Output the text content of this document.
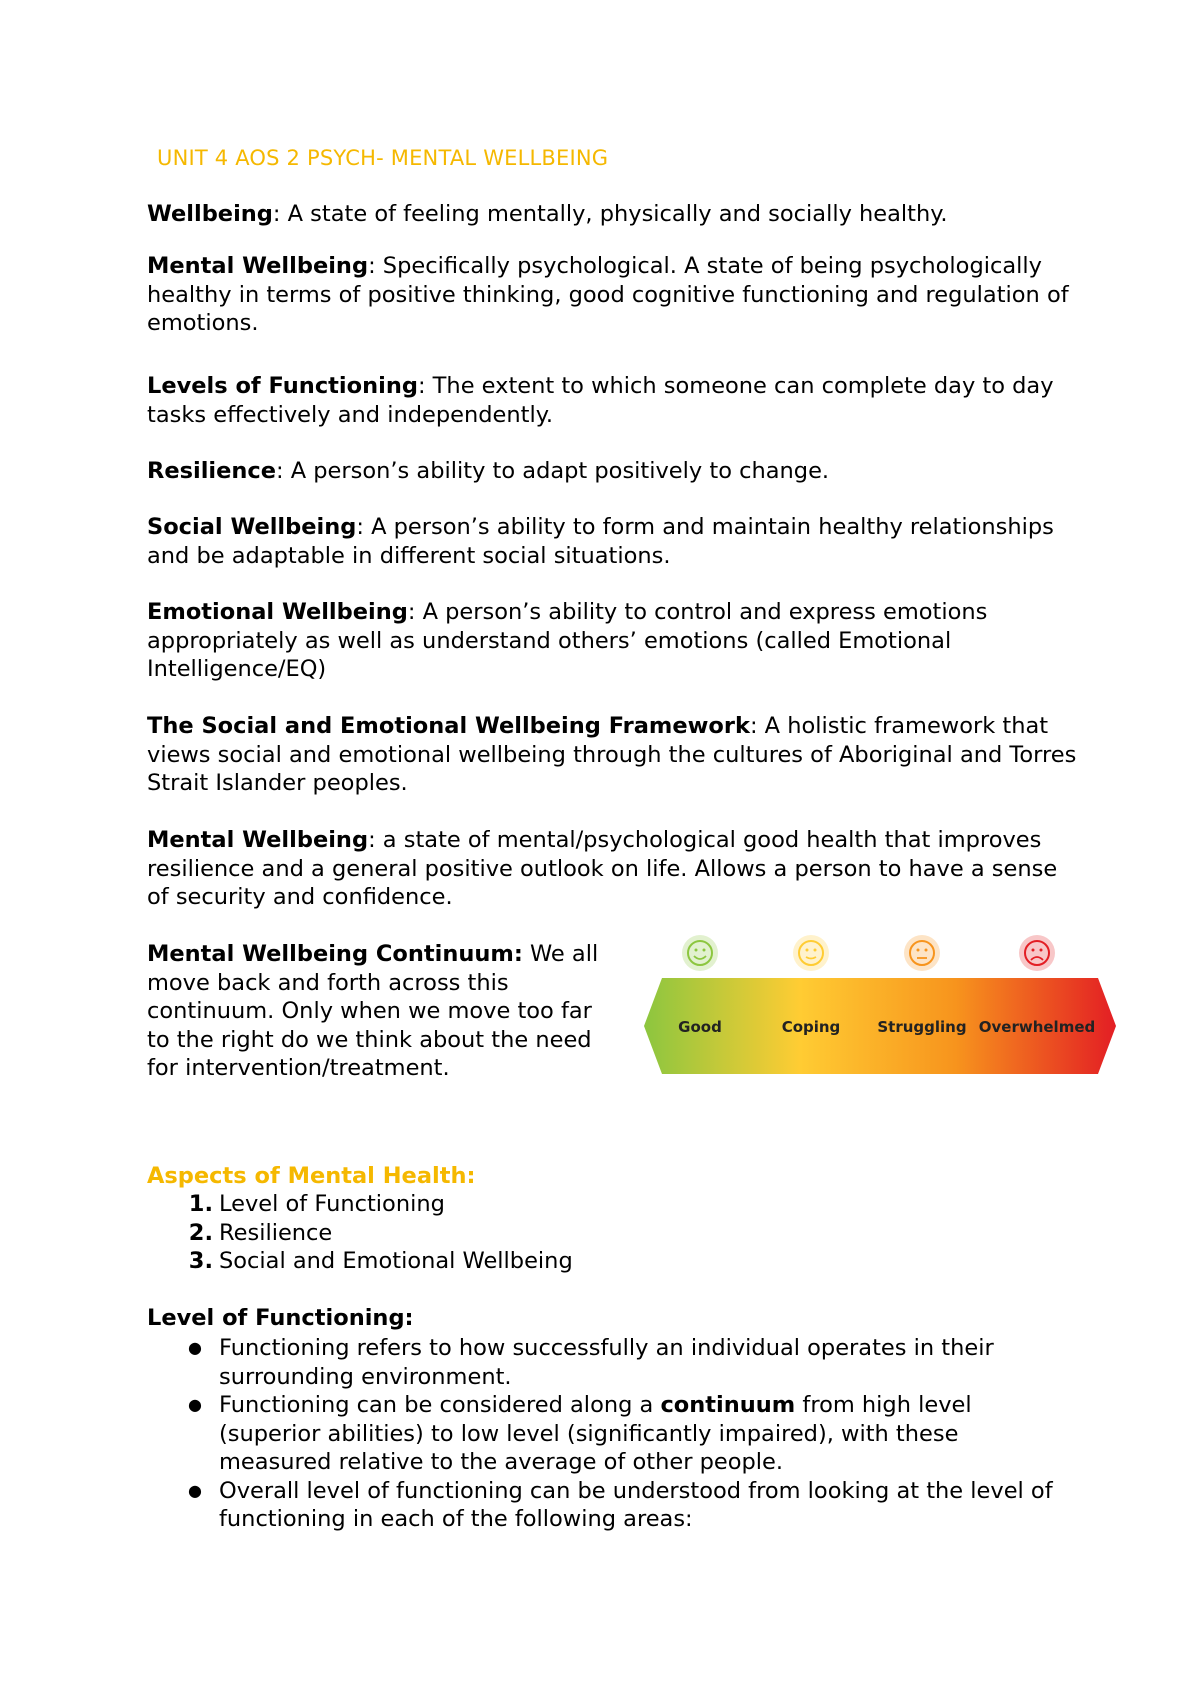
UNIT 4 AOS 2 PSYCH- MENTAL WELLBEING

Wellbeing: A state of feeling mentally, physically and socially healthy.

Mental Wellbeing: Specifically psychological. A state of being psychologically healthy in terms of positive thinking, good cognitive functioning and regulation of emotions.

Levels of Functioning: The extent to which someone can complete day to day tasks effectively and independently.

Resilience: A person’s ability to adapt positively to change.

Social Wellbeing: A person’s ability to form and maintain healthy relationships and be adaptable in different social situations.

Emotional Wellbeing: A person’s ability to control and express emotions appropriately as well as understand others’ emotions (called Emotional Intelligence/EQ)

The Social and Emotional Wellbeing Framework: A holistic framework that views social and emotional wellbeing through the cultures of Aboriginal and Torres Strait Islander peoples.

Mental Wellbeing: a state of mental/psychological good health that improves resilience and a general positive outlook on life. Allows a person to have a sense of security and confidence.

Mental Wellbeing Continuum: We all move back and forth across this continuum. Only when we move too far to the right do we think about the need for intervention/treatment.

Good	Coping Struggling Overwhelmed
Aspects of Mental Health:
1. Level of Functioning
2. Resilience
3. Social and Emotional Wellbeing
Level of Functioning:
● Functioning refers to how successfully an individual operates in their surrounding environment.
● Functioning can be considered along a continuum from high level (superior abilities) to low level (significantly impaired), with these measured relative to the average of other people.
● Overall level of functioning can be understood from looking at the level of functioning in each of the following areas:
